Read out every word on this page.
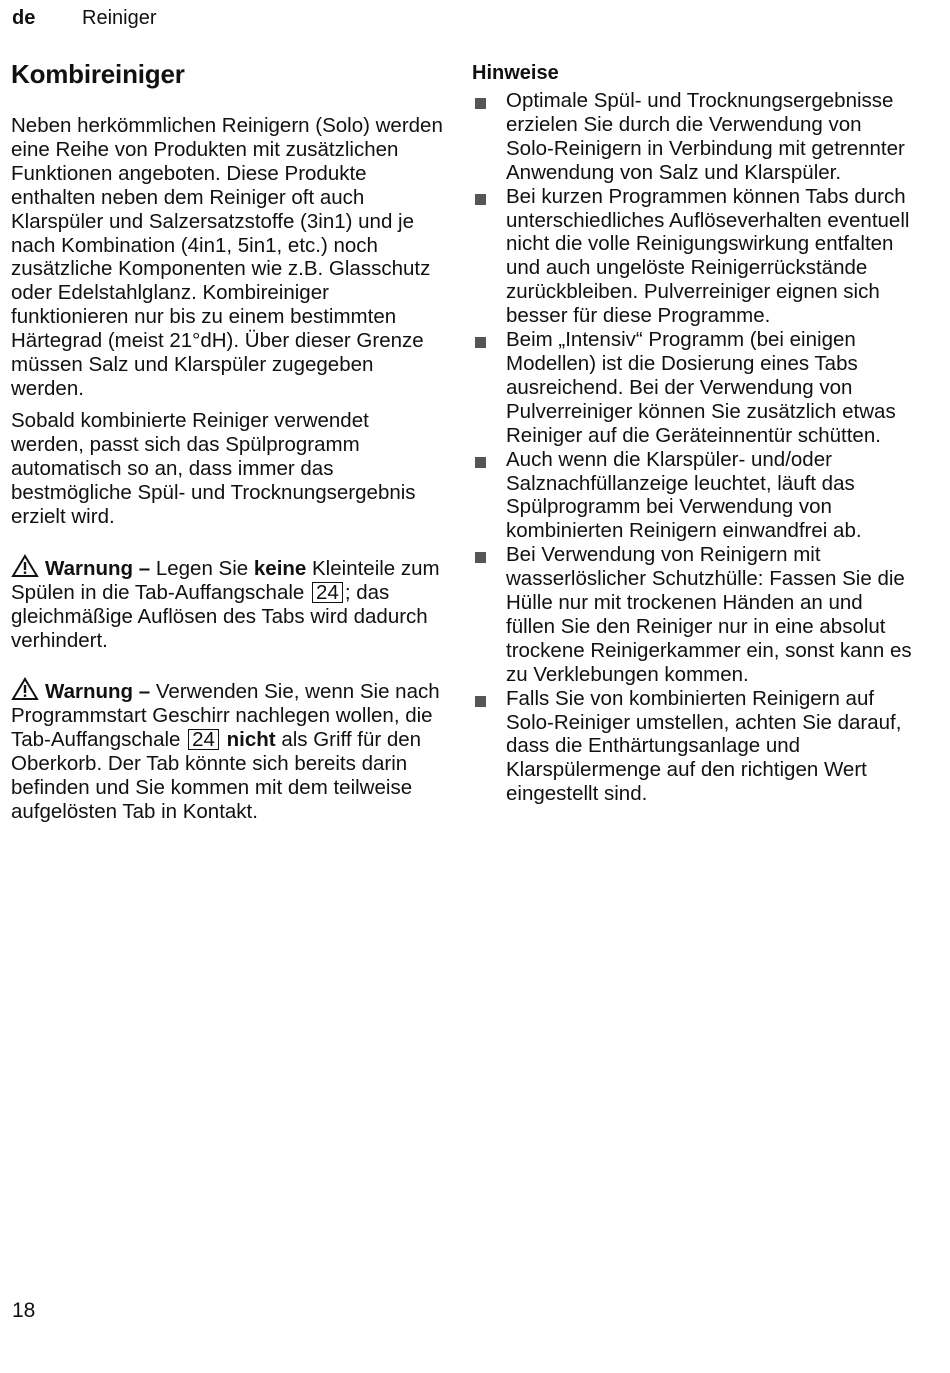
de Reiniger
Kombireiniger

Neben herkömmlichen Reinigern (Solo) werden eine Reihe von Produkten mit zusätzlichen Funktionen angeboten. Diese Produkte enthalten neben dem Reiniger oft auch Klarspüler und Salzersatzstoffe (3in1) und je nach Kombination (4in1, 5in1, etc.) noch zusätzliche Komponenten wie z.B. Glasschutz oder Edelstahlglanz. Kombireiniger funktionieren nur bis zu einem bestimmten Härtegrad (meist 21°dH). Über dieser Grenze müssen Salz und Klarspüler zugegeben werden.

Sobald kombinierte Reiniger verwendet werden, passt sich das Spülprogramm automatisch so an, dass immer das bestmögliche Spül- und Trocknungsergebnis erzielt wird.

Warnung – Legen Sie keine Kleinteile zum Spülen in die Tab-Auffangschale 24 ; das gleichmäßige Auflösen des Tabs wird dadurch verhindert.

Warnung – Verwenden Sie, wenn Sie nach Programmstart Geschirr nachlegen wollen, die Tab-Auffangschale 24 nicht als Griff für den Oberkorb. Der Tab könnte sich bereits darin befinden und Sie kommen mit dem teilweise aufgelösten Tab in Kontakt.

Hinweise
Optimale Spül- und Trocknungsergebnisse erzielen Sie durch die Verwendung von Solo-Reinigern in Verbindung mit getrennter Anwendung von Salz und Klarspüler.
Bei kurzen Programmen können Tabs durch unterschiedliches Auflöseverhalten eventuell nicht die volle Reinigungswirkung entfalten und auch ungelöste Reinigerrückstände zurückbleiben. Pulverreiniger eignen sich besser für diese Programme.
Beim „Intensiv“ Programm (bei einigen Modellen) ist die Dosierung eines Tabs ausreichend. Bei der Verwendung von Pulverreiniger können Sie zusätzlich etwas Reiniger auf die Geräteinnentür schütten.
Auch wenn die Klarspüler- und/oder Salznachfüllanzeige leuchtet, läuft das Spülprogramm bei Verwendung von kombinierten Reinigern einwandfrei ab.
Bei Verwendung von Reinigern mit wasserlöslicher Schutzhülle: Fassen Sie die Hülle nur mit trockenen Händen an und füllen Sie den Reiniger nur in eine absolut trockene Reinigerkammer ein, sonst kann es zu Verklebungen kommen.
Falls Sie von kombinierten Reinigern auf Solo-Reiniger umstellen, achten Sie darauf, dass die Enthärtungsanlage und Klarspülermenge auf den richtigen Wert eingestellt sind.
18
